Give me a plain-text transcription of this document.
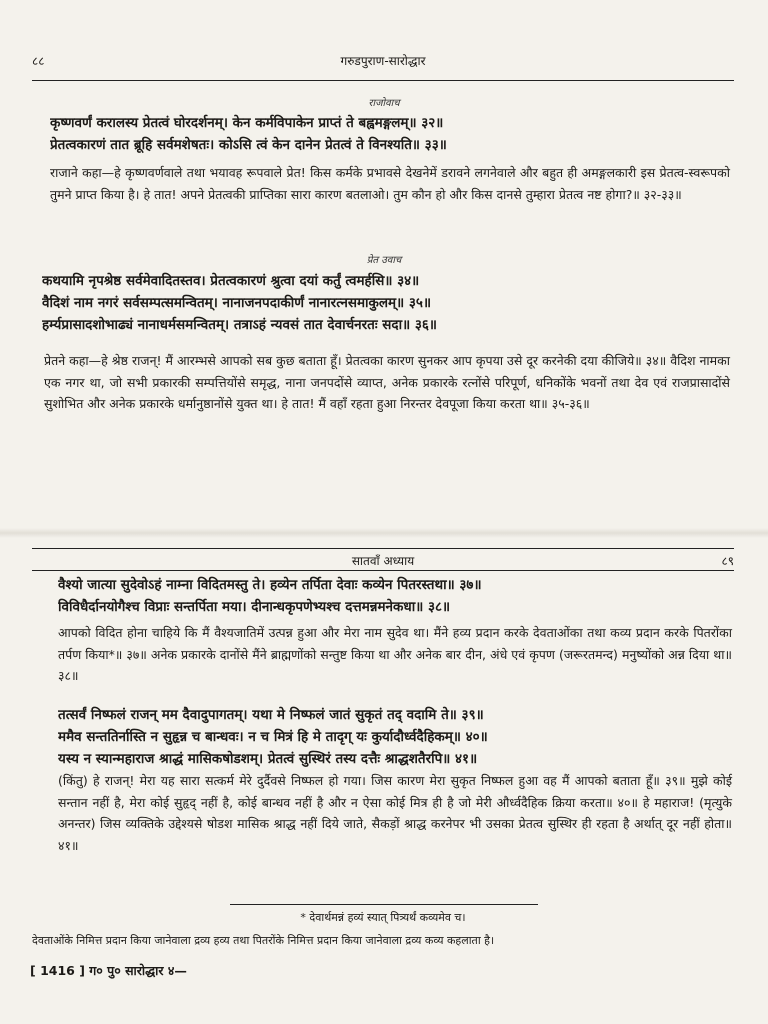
८८	गरुडपुराण-सारोद्धार
राजोवाच

कृष्णवर्णं करालस्य प्रेतत्वं घोरदर्शनम्। केन कर्मविपाकेन प्राप्तं ते बह्वमङ्गलम्॥ ३२॥

प्रेतत्वकारणं तात ब्रूहि सर्वमशेषतः। कोऽसि त्वं केन दानेन प्रेतत्वं ते विनश्यति॥ ३३॥

राजाने कहा—हे कृष्णवर्णवाले तथा भयावह रूपवाले प्रेत! किस कर्मके प्रभावसे देखनेमें डरावने लगनेवाले और बहुत ही अमङ्गलकारी इस प्रेतत्व-स्वरूपको तुमने प्राप्त किया है। हे तात! अपने प्रेतत्वकी प्राप्तिका सारा कारण बतलाओ। तुम कौन हो और किस दानसे तुम्हारा प्रेतत्व नष्ट होगा?॥ ३२-३३॥

प्रेत उवाच

कथयामि नृपश्रेष्ठ सर्वमेवादितस्तव। प्रेतत्वकारणं श्रुत्वा दयां कर्तुं त्वमर्हसि॥ ३४॥

वैदिशं नाम नगरं सर्वसम्पत्समन्वितम्। नानाजनपदाकीर्णं नानारत्नसमाकुलम्॥ ३५॥

हर्म्यप्रासादशोभाढ्यं नानाधर्मसमन्वितम्। तत्राऽहं न्यवसं तात देवार्चनरतः सदा॥ ३६॥

प्रेतने कहा—हे श्रेष्ठ राजन्! मैं आरम्भसे आपको सब कुछ बताता हूँ। प्रेतत्वका कारण सुनकर आप कृपया उसे दूर करनेकी दया कीजिये॥ ३४॥ वैदिश नामका एक नगर था, जो सभी प्रकारकी सम्पत्तियोंसे समृद्ध, नाना जनपदोंसे व्याप्त, अनेक प्रकारके रत्नोंसे परिपूर्ण, धनिकोंके भवनों तथा देव एवं राजप्रासादोंसे सुशोभित और अनेक प्रकारके धर्मानुष्ठानोंसे युक्त था। हे तात! मैं वहाँ रहता हुआ निरन्तर देवपूजा किया करता था॥ ३५-३६॥

सातवाँ अध्याय	८९

वैश्यो जात्या सुदेवोऽहं नाम्ना विदितमस्तु ते। हव्येन तर्पिता देवाः कव्येन पितरस्तथा॥ ३७॥

विविधैर्दानयोगैश्च विप्राः सन्तर्पिता मया। दीनान्धकृपणेभ्यश्च दत्तमन्नमनेकधा॥ ३८॥

आपको विदित होना चाहिये कि मैं वैश्यजातिमें उत्पन्न हुआ और मेरा नाम सुदेव था। मैंने हव्य प्रदान करके देवताओंका तथा कव्य प्रदान करके पितरोंका तर्पण किया*॥ ३७॥ अनेक प्रकारके दानोंसे मैंने ब्राह्मणोंको सन्तुष्ट किया था और अनेक बार दीन, अंधे एवं कृपण (जरूरतमन्द) मनुष्योंको अन्न दिया था॥ ३८॥

तत्सर्वं निष्फलं राजन् मम दैवादुपागतम्। यथा मे निष्फलं जातं सुकृतं तद् वदामि ते॥ ३९॥

ममैव सन्ततिर्नास्ति न सुहृन्न च बान्धवः। न च मित्रं हि मे तादृग् यः कुर्यादौर्ध्वदैहिकम्॥ ४०॥

यस्य न स्यान्महाराज श्राद्धं मासिकषोडशम्। प्रेतत्वं सुस्थिरं तस्य दत्तैः श्राद्धशतैरपि॥ ४१॥

(किंतु) हे राजन्! मेरा यह सारा सत्कर्म मेरे दुर्दैवसे निष्फल हो गया। जिस कारण मेरा सुकृत निष्फल हुआ वह मैं आपको बताता हूँ॥ ३९॥ मुझे कोई सन्तान नहीं है, मेरा कोई सुहृद् नहीं है, कोई बान्धव नहीं है और न ऐसा कोई मित्र ही है जो मेरी और्ध्वदैहिक क्रिया करता॥ ४०॥ हे महाराज! (मृत्युके अनन्तर) जिस व्यक्तिके उद्देश्यसे षोडश मासिक श्राद्ध नहीं दिये जाते, सैकड़ों श्राद्ध करनेपर भी उसका प्रेतत्व सुस्थिर ही रहता है अर्थात् दूर नहीं होता॥ ४१॥

* देवार्थमन्नं हव्यं स्यात् पित्र्यर्थं कव्यमेव च।
देवताओंके निमित्त प्रदान किया जानेवाला द्रव्य हव्य तथा पितरोंके निमित्त प्रदान किया जानेवाला द्रव्य कव्य कहलाता है।
[ 1416 ] ग० पु० सारोद्धार ४—
